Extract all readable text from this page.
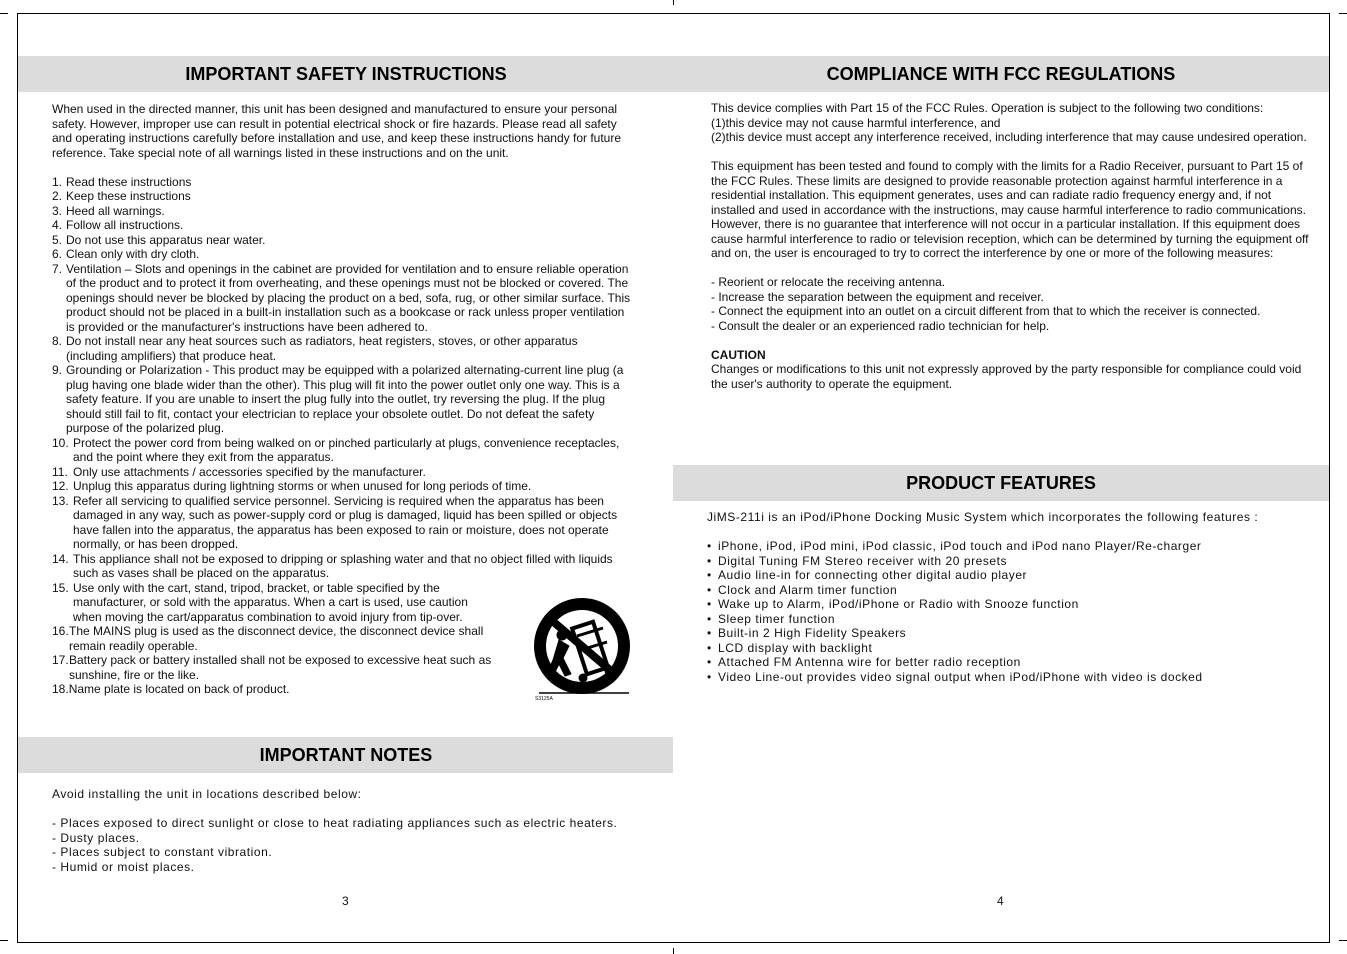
IMPORTANT SAFETY INSTRUCTIONS

When used in the directed manner, this unit has been designed and manufactured to ensure your personal safety. However, improper use can result in potential electrical shock or fire hazards. Please read all safety and operating instructions carefully before installation and use, and keep these instructions handy for future reference. Take special note of all warnings listed in these instructions and on the unit.

1. Read these instructions
2. Keep these instructions
3. Heed all warnings.
4. Follow all instructions.
5. Do not use this apparatus near water.
6. Clean only with dry cloth.
7. Ventilation – Slots and openings in the cabinet are provided for ventilation and to ensure reliable operation of the product and to protect it from overheating, and these openings must not be blocked or covered. The openings should never be blocked by placing the product on a bed, sofa, rug, or other similar surface. This product should not be placed in a built-in installation such as a bookcase or rack unless proper ventilation is provided or the manufacturer's instructions have been adhered to.
8. Do not install near any heat sources such as radiators, heat registers, stoves, or other apparatus (including amplifiers) that produce heat.
9. Grounding or Polarization - This product may be equipped with a polarized alternating-current line plug (a plug having one blade wider than the other). This plug will fit into the power outlet only one way. This is a safety feature. If you are unable to insert the plug fully into the outlet, try reversing the plug. If the plug should still fail to fit, contact your electrician to replace your obsolete outlet. Do not defeat the safety purpose of the polarized plug.
10. Protect the power cord from being walked on or pinched particularly at plugs, convenience receptacles, and the point where they exit from the apparatus.
11. Only use attachments / accessories specified by the manufacturer.
12. Unplug this apparatus during lightning storms or when unused for long periods of time.
13. Refer all servicing to qualified service personnel. Servicing is required when the apparatus has been damaged in any way, such as power-supply cord or plug is damaged, liquid has been spilled or objects have fallen into the apparatus, the apparatus has been exposed to rain or moisture, does not operate normally, or has been dropped.
14. This appliance shall not be exposed to dripping or splashing water and that no object filled with liquids such as vases shall be placed on the apparatus.
15. Use only with the cart, stand, tripod, bracket, or table specified by the manufacturer, or sold with the apparatus. When a cart is used, use caution when moving the cart/apparatus combination to avoid injury from tip-over.
16. The MAINS plug is used as the disconnect device, the disconnect device shall remain readily operable.
17. Battery pack or battery installed shall not be exposed to excessive heat such as sunshine, fire or the like.
18.Name plate is located on back of product.
S3125A
IMPORTANT NOTES

Avoid installing the unit in locations described below:

- Places exposed to direct sunlight or close to heat radiating appliances such as electric heaters.

- Dusty places.

- Places subject to constant vibration.

- Humid or moist places.

3
COMPLIANCE WITH FCC REGULATIONS

This device complies with Part 15 of the FCC Rules. Operation is subject to the following two conditions:

(1)this device may not cause harmful interference, and

(2)this device must accept any interference received, including interference that may cause undesired operation.

This equipment has been tested and found to comply with the limits for a Radio Receiver, pursuant to Part 15 of the FCC Rules. These limits are designed to provide reasonable protection against harmful interference in a residential installation. This equipment generates, uses and can radiate radio frequency energy and, if not installed and used in accordance with the instructions, may cause harmful interference to radio communications. However, there is no guarantee that interference will not occur in a particular installation. If this equipment does cause harmful interference to radio or television reception, which can be determined by turning the equipment off and on, the user is encouraged to try to correct the interference by one or more of the following measures:

- Reorient or relocate the receiving antenna.

- Increase the separation between the equipment and receiver.

- Connect the equipment into an outlet on a circuit different from that to which the receiver is connected.

- Consult the dealer or an experienced radio technician for help.

CAUTION

Changes or modifications to this unit not expressly approved by the party responsible for compliance could void the user's authority to operate the equipment.

PRODUCT FEATURES

JiMS-211i is an iPod/iPhone Docking Music System which incorporates the following features :

• iPhone, iPod, iPod mini, iPod classic, iPod touch and iPod nano Player/Re-charger
• Digital Tuning FM Stereo receiver with 20 presets
• Audio line-in for connecting other digital audio player
• Clock and Alarm timer function
• Wake up to Alarm, iPod/iPhone or Radio with Snooze function
• Sleep timer function
• Built-in 2 High Fidelity Speakers
• LCD display with backlight
• Attached FM Antenna wire for better radio reception
• Video Line-out provides video signal output when iPod/iPhone with video is docked
4
